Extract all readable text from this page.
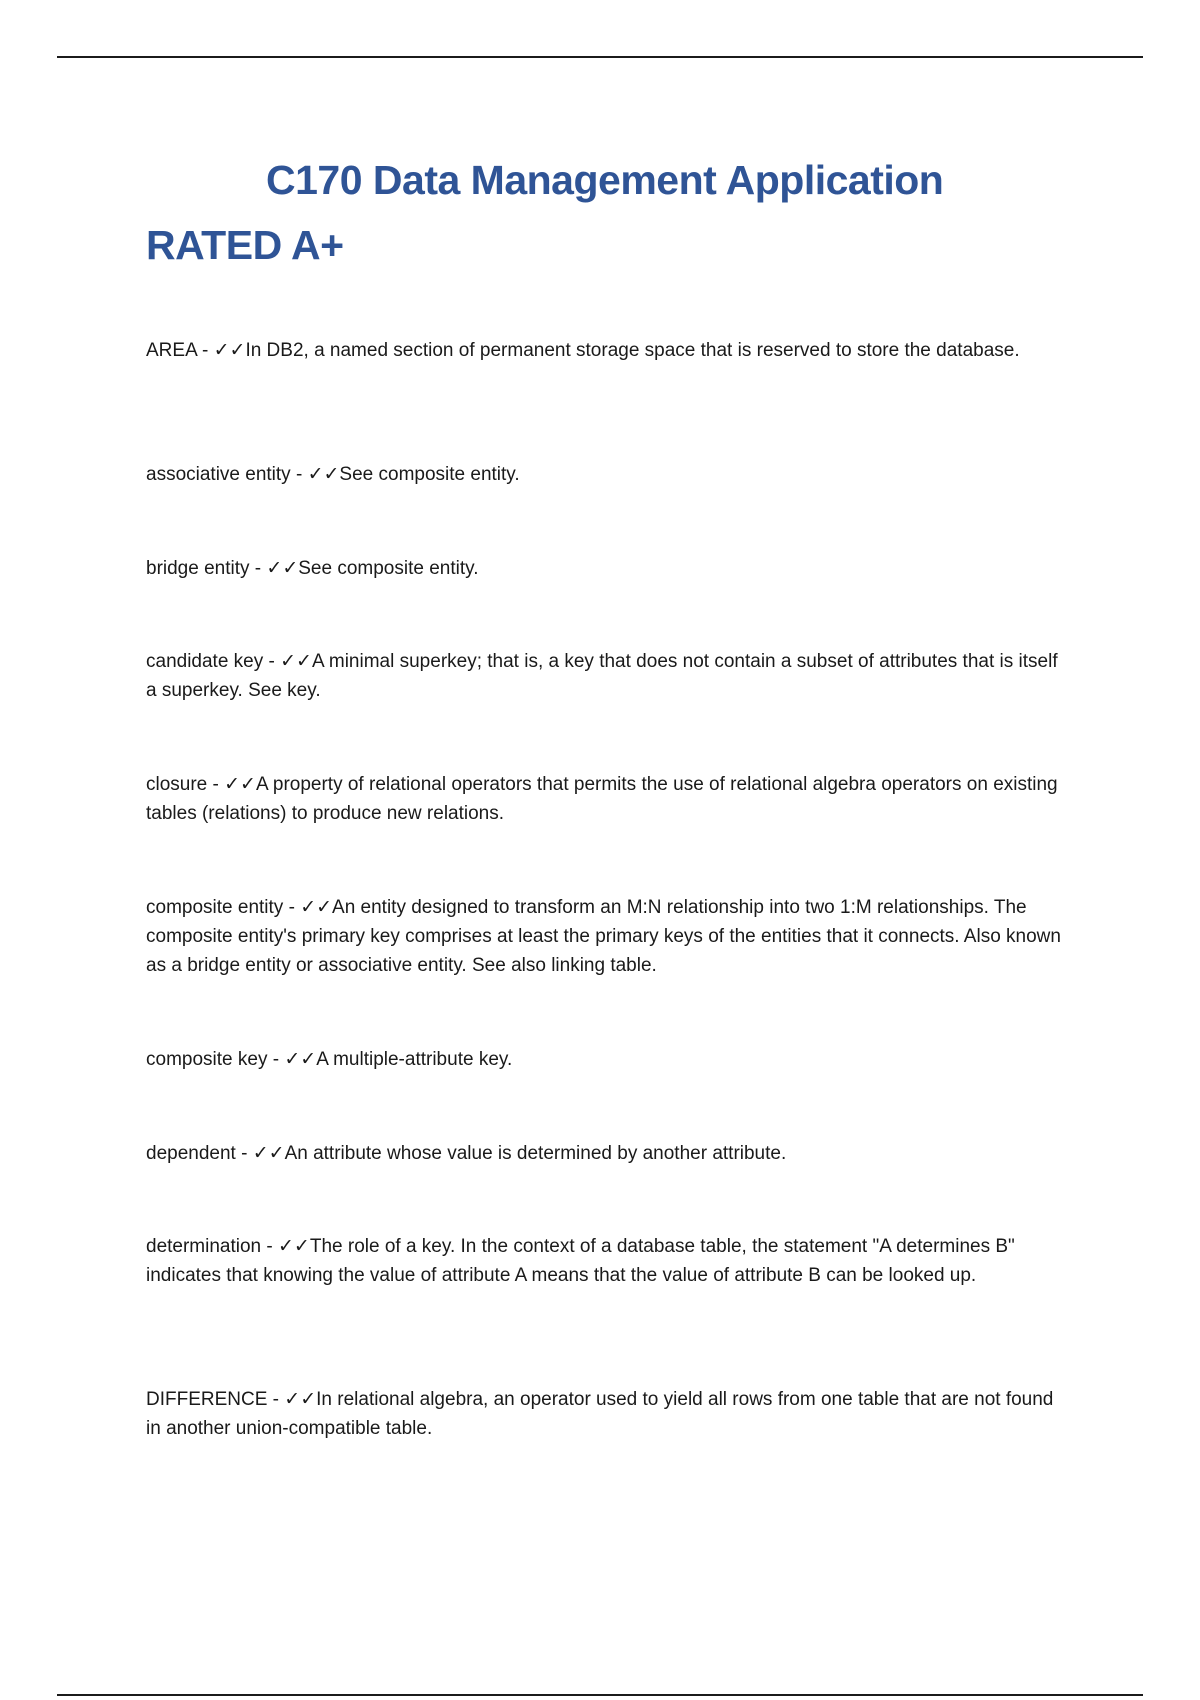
C170 Data Management Application
RATED A+

AREA - ✓✓In DB2, a named section of permanent storage space that is reserved to store the database.

associative entity - ✓✓See composite entity.

bridge entity - ✓✓See composite entity.

candidate key - ✓✓A minimal superkey; that is, a key that does not contain a subset of attributes that is itself a superkey. See key.

closure - ✓✓A property of relational operators that permits the use of relational algebra operators on existing tables (relations) to produce new relations.

composite entity - ✓✓An entity designed to transform an M:N relationship into two 1:M relationships. The composite entity's primary key comprises at least the primary keys of the entities that it connects. Also known as a bridge entity or associative entity. See also linking table.

composite key - ✓✓A multiple-attribute key.

dependent - ✓✓An attribute whose value is determined by another attribute.

determination - ✓✓The role of a key. In the context of a database table, the statement "A determines B" indicates that knowing the value of attribute A means that the value of attribute B can be looked up.

DIFFERENCE - ✓✓In relational algebra, an operator used to yield all rows from one table that are not found in another union-compatible table.
